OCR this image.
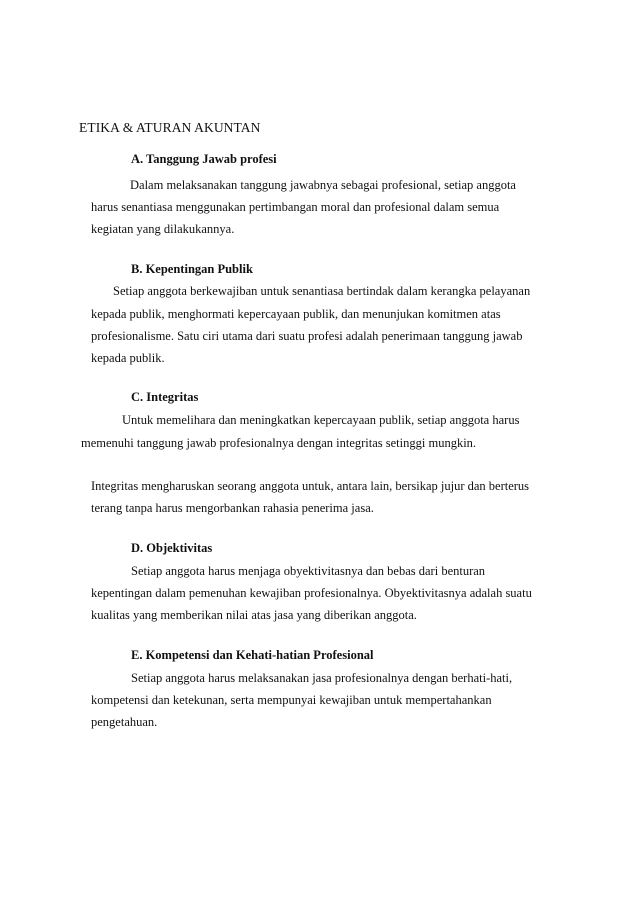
ETIKA & ATURAN AKUNTAN
A. Tanggung Jawab profesi
Dalam melaksanakan tanggung jawabnya sebagai profesional, setiap anggota
harus senantiasa menggunakan pertimbangan moral dan profesional dalam semua
kegiatan yang dilakukannya.
B. Kepentingan Publik
Setiap anggota berkewajiban untuk senantiasa bertindak dalam kerangka pelayanan
kepada publik, menghormati kepercayaan publik, dan menunjukan komitmen atas
profesionalisme. Satu ciri utama dari suatu profesi adalah penerimaan tanggung jawab
kepada publik.
C. Integritas
Untuk memelihara dan meningkatkan kepercayaan publik, setiap anggota harus
memenuhi tanggung jawab profesionalnya dengan integritas setinggi mungkin.
Integritas mengharuskan seorang anggota untuk, antara lain, bersikap jujur dan berterus
terang tanpa harus mengorbankan rahasia penerima jasa.
D. Objektivitas
Setiap anggota harus menjaga obyektivitasnya dan bebas dari benturan
kepentingan dalam pemenuhan kewajiban profesionalnya. Obyektivitasnya adalah suatu
kualitas yang memberikan nilai atas jasa yang diberikan anggota.
E. Kompetensi dan Kehati-hatian Profesional
Setiap anggota harus melaksanakan jasa profesionalnya dengan berhati-hati,
kompetensi dan ketekunan, serta mempunyai kewajiban untuk mempertahankan
pengetahuan.
